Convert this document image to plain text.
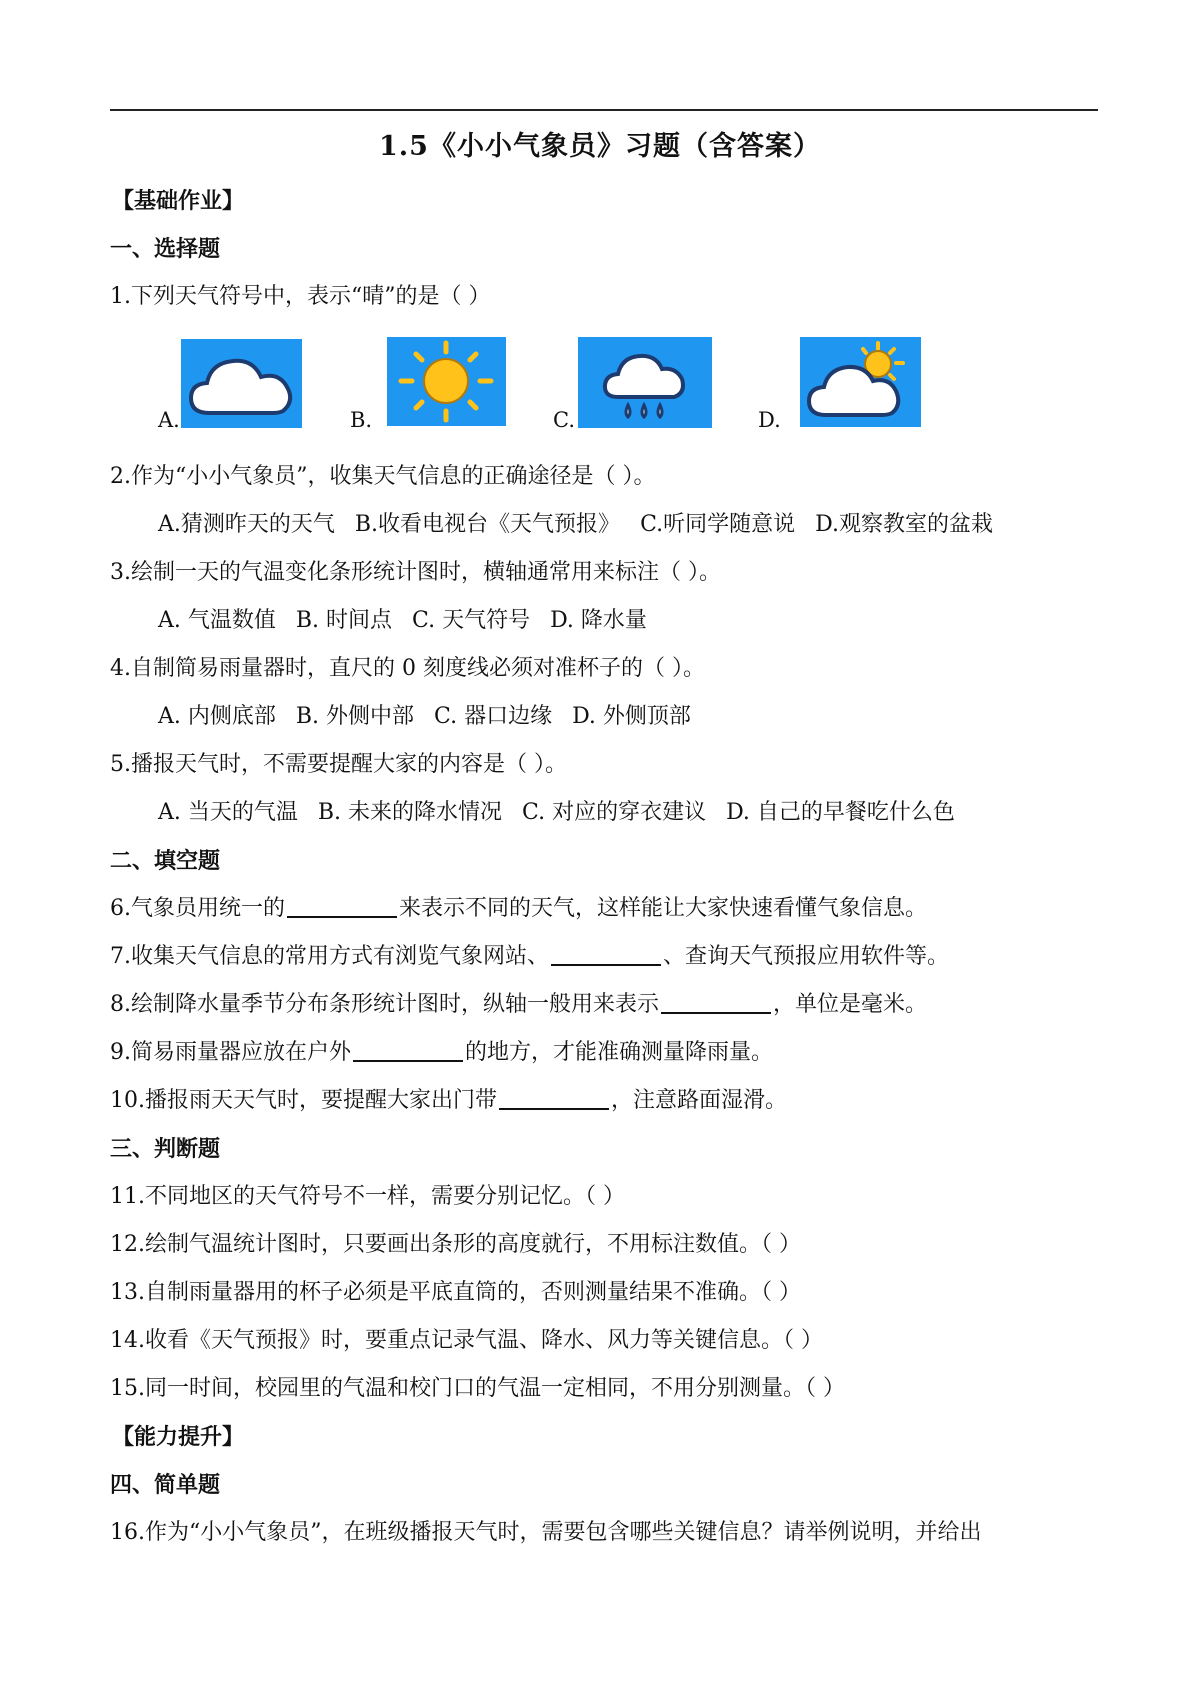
1.5《小小气象员》习题（含答案）
【基础作业】
一、选择题
1.下列天气符号中，表示“晴”的是（ ）
A.	B.	C.	D.
2.作为“小小气象员”，收集天气信息的正确途径是（ ）。
A.猜测昨天的天气 B.收看电视台《天气预报》 C.听同学随意说 D.观察教室的盆栽
3.绘制一天的气温变化条形统计图时，横轴通常用来标注（ ）。
A. 气温数值 B. 时间点 C. 天气符号 D. 降水量
4.自制简易雨量器时，直尺的 0 刻度线必须对准杯子的（ ）。
A. 内侧底部 B. 外侧中部 C. 器口边缘 D. 外侧顶部
5.播报天气时，不需要提醒大家的内容是（ ）。
A. 当天的气温 B. 未来的降水情况 C. 对应的穿衣建议 D. 自己的早餐吃什么色
二、填空题
6.气象员用统一的	来表示不同的天气，这样能让大家快速看懂气象信息。
7.收集天气信息的常用方式有浏览气象网站、	、查询天气预报应用软件等。
8.绘制降水量季节分布条形统计图时，纵轴一般用来表示	，单位是毫米。
9.简易雨量器应放在户外	的地方，才能准确测量降雨量。
10.播报雨天天气时，要提醒大家出门带	，注意路面湿滑。
三、判断题
11.不同地区的天气符号不一样，需要分别记忆。（ ）
12.绘制气温统计图时，只要画出条形的高度就行，不用标注数值。（ ）
13.自制雨量器用的杯子必须是平底直筒的，否则测量结果不准确。（ ）
14.收看《天气预报》时，要重点记录气温、降水、风力等关键信息。（ ）
15.同一时间，校园里的气温和校门口的气温一定相同，不用分别测量。（ ）
【能力提升】
四、简单题
16.作为“小小气象员”，在班级播报天气时，需要包含哪些关键信息？请举例说明，并给出
